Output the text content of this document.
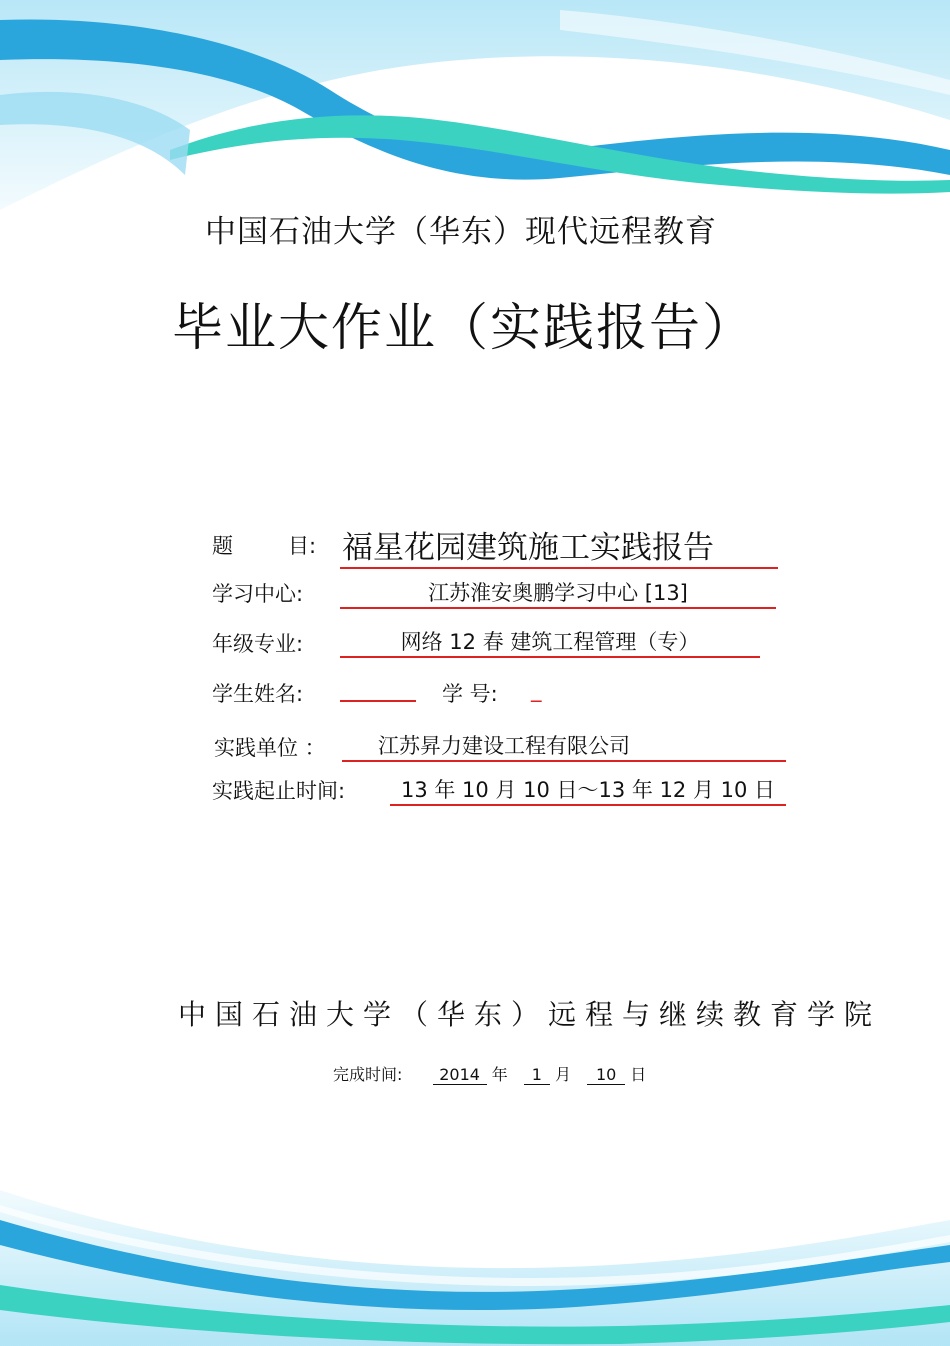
中国石油大学（华东）现代远程教育
毕业大作业（实践报告）
题	目: 福星花园建筑施工实践报告
学习中心:	江苏淮安奥鹏学习中心 [13]
年级专业:	网络 12 春 建筑工程管理（专）
学生姓名:	学 号: _
实践单位 ：	江苏昇力建设工程有限公司
实践起止时间:	13 年 10 月 10 日～13 年 12 月 10 日
中国石油大学（华东）远程与继续教育学院
完成时间: 2014 年 1 月 10 日
